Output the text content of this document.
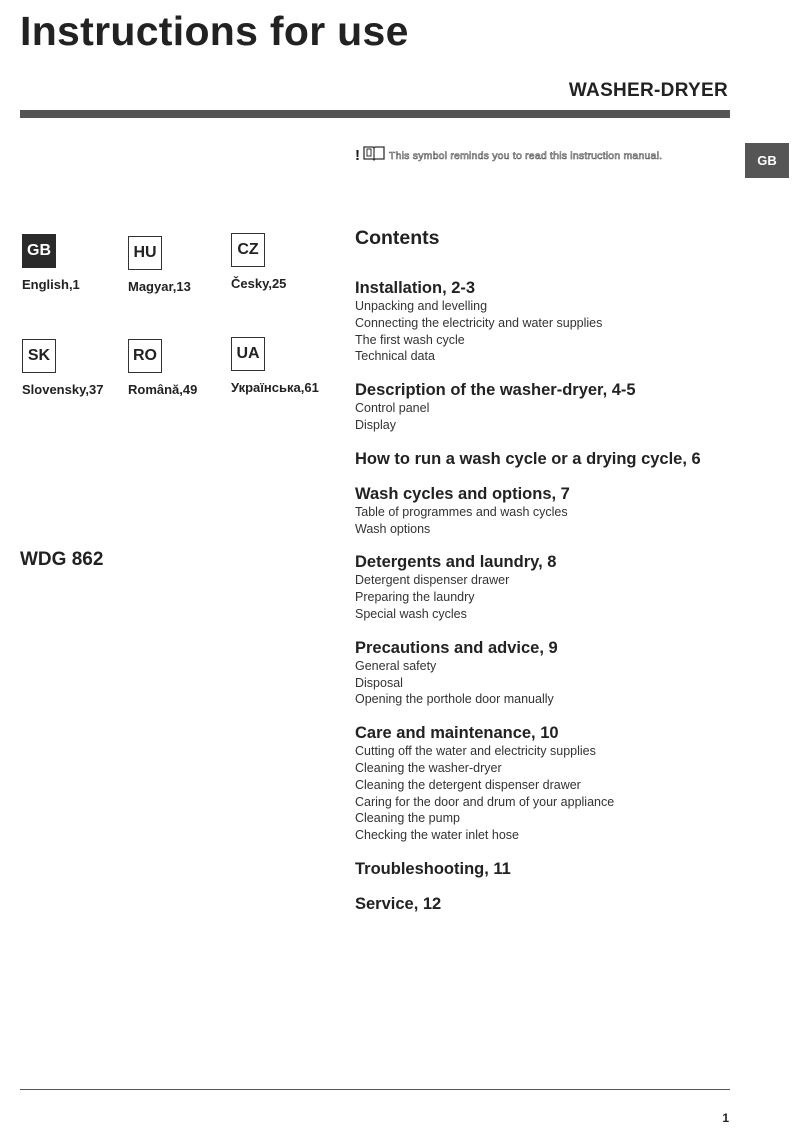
Instructions for use
WASHER-DRYER
GB
!	This symbol reminds you to read this instruction manual.
GB
English,1
HU
Magyar,13
CZ
Česky,25
SK
Slovensky,37
RO
Română,49
UA
Українська,61
WDG 862
Contents
Installation, 2-3
Unpacking and levelling
Connecting the electricity and water supplies
The first wash cycle
Technical data
Description of the washer-dryer, 4-5
Control panel
Display
How to run a wash cycle or a drying cycle, 6
Wash cycles and options, 7
Table of programmes and wash cycles
Wash options
Detergents and laundry, 8
Detergent dispenser drawer
Preparing the laundry
Special wash cycles
Precautions and advice, 9
General safety
Disposal
Opening the porthole door manually
Care and maintenance, 10
Cutting off the water and electricity supplies
Cleaning the washer-dryer
Cleaning the detergent dispenser drawer
Caring for the door and drum of your appliance
Cleaning the pump
Checking the water inlet hose
Troubleshooting, 11
Service, 12
1
